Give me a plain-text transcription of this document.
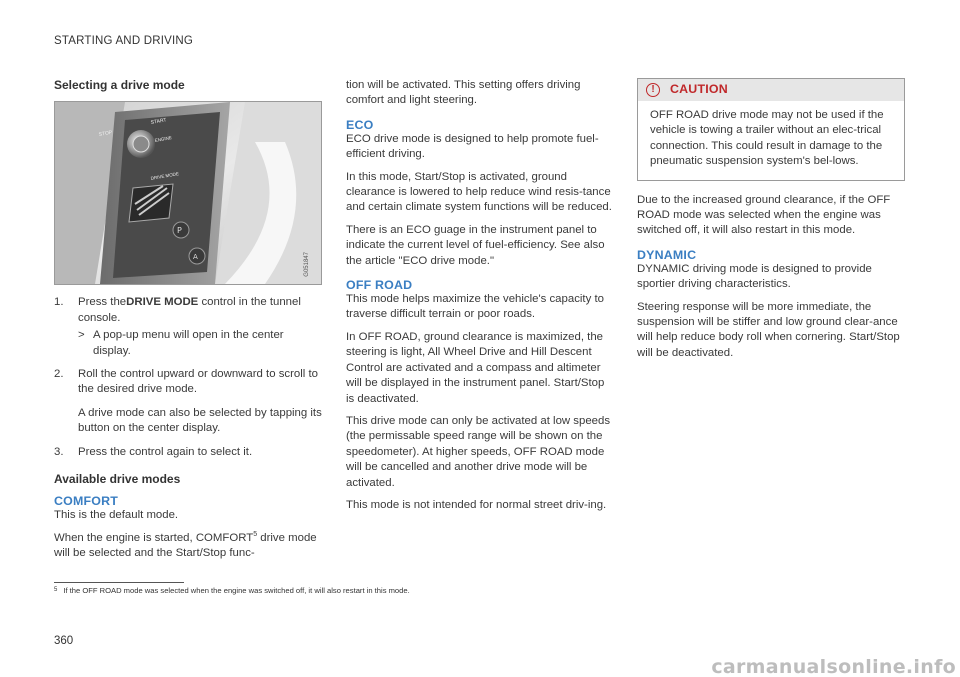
STARTING AND DRIVING
Selecting a drive mode
STOP
START
ENGINE
DRIVE MODE
P
A	G051847
1. Press theDRIVE MODE control in the tunnel console.
> A pop-up menu will open in the center display.
2. Roll the control upward or downward to scroll to the desired drive mode.
A drive mode can also be selected by tapping its button on the center display.
3. Press the control again to select it.
Available drive modes
COMFORT

This is the default mode.

When the engine is started, COMFORT$^5$ drive mode will be selected and the Start/Stop func-

tion will be activated. This setting offers driving comfort and light steering.

ECO

ECO drive mode is designed to help promote fuel-efficient driving.

In this mode, Start/Stop is activated, ground clearance is lowered to help reduce wind resis-tance and certain climate system functions will be reduced.

There is an ECO guage in the instrument panel to indicate the current level of fuel-efficiency. See also the article "ECO drive mode."

OFF ROAD

This mode helps maximize the vehicle's capacity to traverse difficult terrain or poor roads.

In OFF ROAD, ground clearance is maximized, the steering is light, All Wheel Drive and Hill Descent Control are activated and a compass and altimeter will be displayed in the instrument panel. Start/Stop is deactivated.

This drive mode can only be activated at low speeds (the permissable speed range will be shown on the speedometer). At higher speeds, OFF ROAD mode will be cancelled and another drive mode will be activated.

This mode is not intended for normal street driv-ing.

!	CAUTION
OFF ROAD drive mode may not be used if the vehicle is towing a trailer without an elec-trical connection. This could result in damage to the pneumatic suspension system's bel-lows.

Due to the increased ground clearance, if the OFF ROAD mode was selected when the engine was switched off, it will also restart in this mode.

DYNAMIC

DYNAMIC driving mode is designed to provide sportier driving characteristics.

Steering response will be more immediate, the suspension will be stiffer and low ground clear-ance will help reduce body roll when cornering. Start/Stop will be deactivated.

$^5$ If the OFF ROAD mode was selected when the engine was switched off, it will also restart in this mode.
360
carmanualsonline.info
